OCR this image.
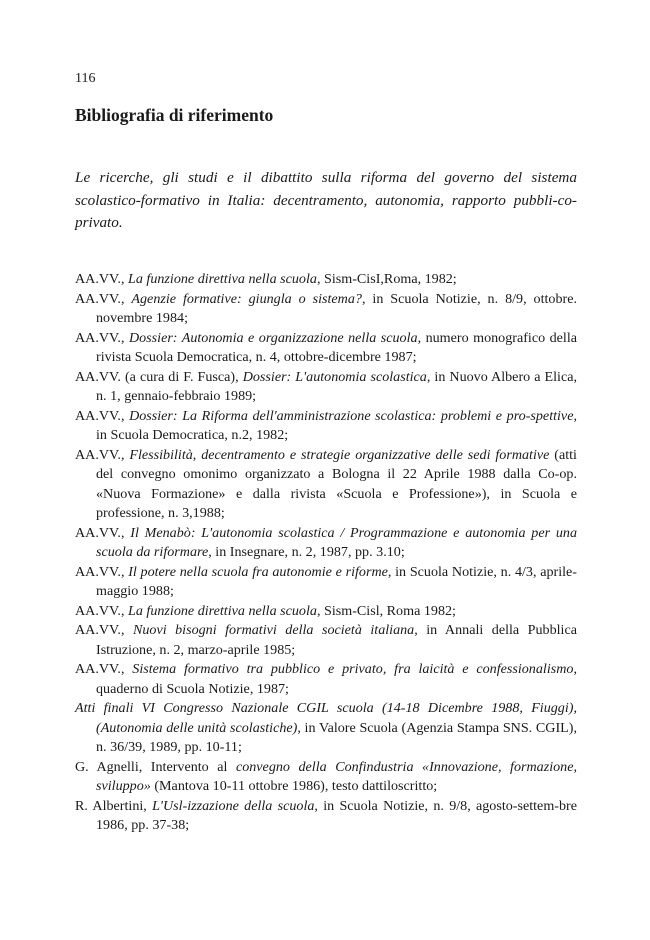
116
Bibliografia di riferimento

Le ricerche, gli studi e il dibattito sulla riforma del governo del sistema scolastico-formativo in Italia: decentramento, autonomia, rapporto pubbli-co-privato.

AA.VV., La funzione direttiva nella scuola, Sism-CisI,Roma, 1982;
AA.VV., Agenzie formative: giungla o sistema?, in Scuola Notizie, n. 8/9, ottobre. novembre 1984;
AA.VV., Dossier: Autonomia e organizzazione nella scuola, numero monografico della rivista Scuola Democratica, n. 4, ottobre-dicembre 1987;
AA.VV. (a cura di F. Fusca), Dossier: L'autonomia scolastica, in Nuovo Albero a Elica, n. 1, gennaio-febbraio 1989;
AA.VV., Dossier: La Riforma dell'amministrazione scolastica: problemi e pro-spettive, in Scuola Democratica, n.2, 1982;
AA.VV., Flessibilità, decentramento e strategie organizzative delle sedi formative (atti del convegno omonimo organizzato a Bologna il 22 Aprile 1988 dalla Co-op. «Nuova Formazione» e dalla rivista «Scuola e Professione»), in Scuola e professione, n. 3,1988;
AA.VV., Il Menabò: L'autonomia scolastica / Programmazione e autonomia per una scuola da riformare, in Insegnare, n. 2, 1987, pp. 3.10;
AA.VV., Il potere nella scuola fra autonomie e riforme, in Scuola Notizie, n. 4/3, aprile-maggio 1988;
AA.VV., La funzione direttiva nella scuola, Sism-Cisl, Roma 1982;
AA.VV., Nuovi bisogni formativi della società italiana, in Annali della Pubblica Istruzione, n. 2, marzo-aprile 1985;
AA.VV., Sistema formativo tra pubblico e privato, fra laicità e confessionalismo, quaderno di Scuola Notizie, 1987;
Atti finali VI Congresso Nazionale CGIL scuola (14-18 Dicembre 1988, Fiuggi), (Autonomia delle unità scolastiche), in Valore Scuola (Agenzia Stampa SNS. CGIL), n. 36/39, 1989, pp. 10-11;
G. Agnelli, Intervento al convegno della Confindustria «Innovazione, formazione, sviluppo» (Mantova 10-11 ottobre 1986), testo dattiloscritto;
R. Albertini, L'Usl-izzazione della scuola, in Scuola Notizie, n. 9/8, agosto-settem-bre 1986, pp. 37-38;
